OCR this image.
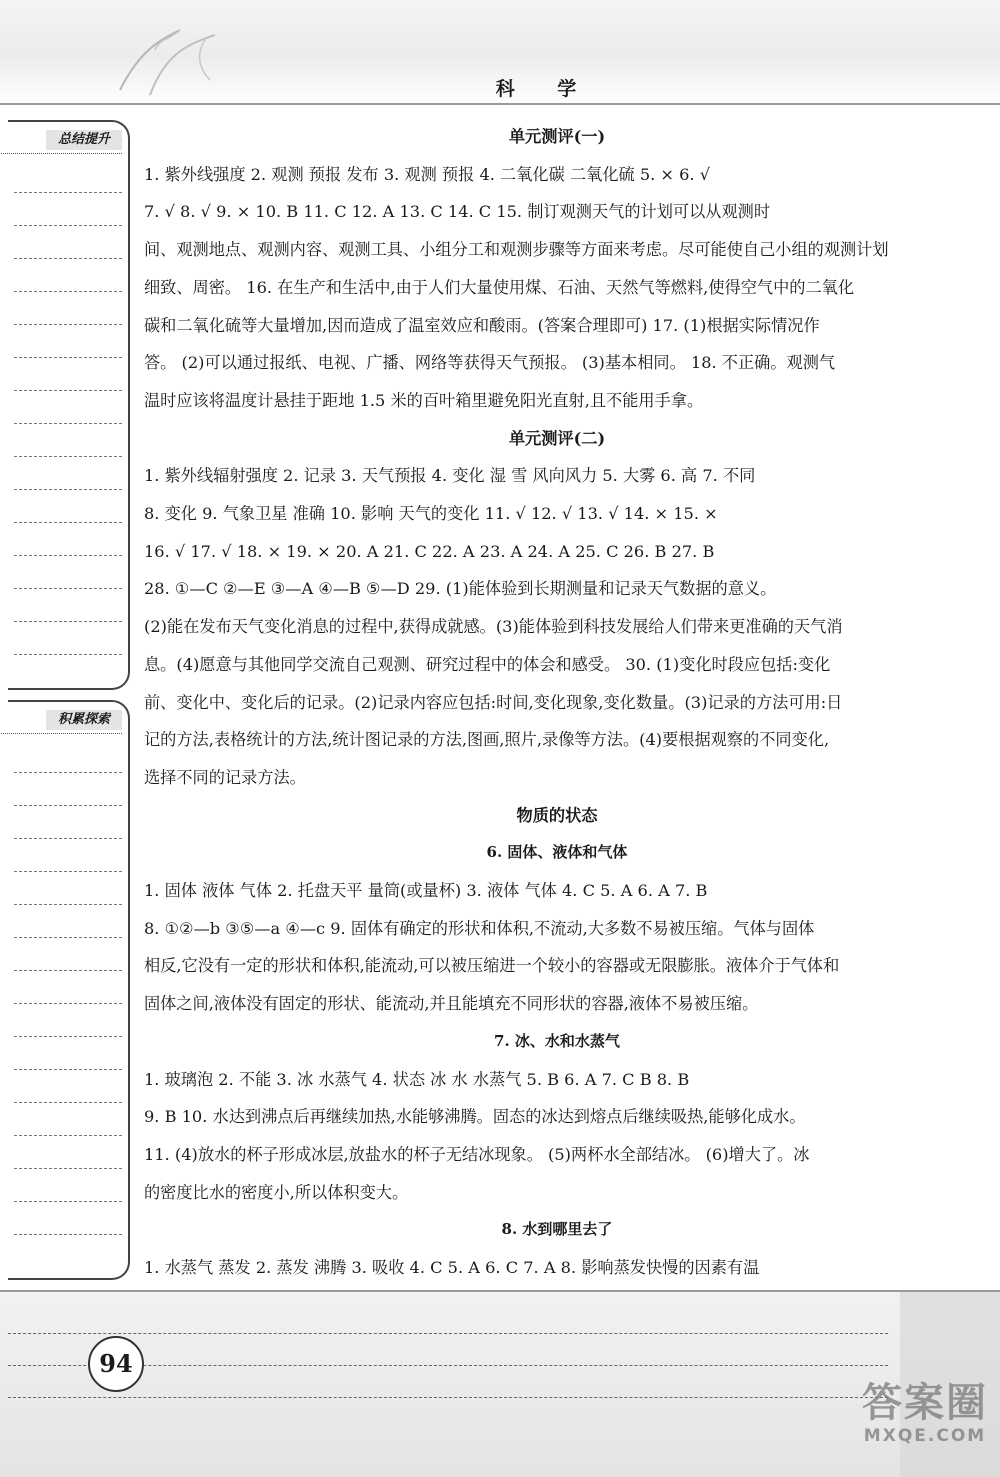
科 学
总结提升
积累探索

单元测评(一)

1. 紫外线强度 2. 观测 预报 发布 3. 观测 预报 4. 二氧化碳 二氧化硫 5. × 6. √

7. √ 8. √ 9. × 10. B 11. C 12. A 13. C 14. C 15. 制订观测天气的计划可以从观测时

间、观测地点、观测内容、观测工具、小组分工和观测步骤等方面来考虑。尽可能使自己小组的观测计划

细致、周密。 16. 在生产和生活中,由于人们大量使用煤、石油、天然气等燃料,使得空气中的二氧化

碳和二氧化硫等大量增加,因而造成了温室效应和酸雨。(答案合理即可) 17. (1)根据实际情况作

答。 (2)可以通过报纸、电视、广播、网络等获得天气预报。 (3)基本相同。 18. 不正确。观测气

温时应该将温度计悬挂于距地 1.5 米的百叶箱里避免阳光直射,且不能用手拿。

单元测评(二)

1. 紫外线辐射强度 2. 记录 3. 天气预报 4. 变化 湿 雪 风向风力 5. 大雾 6. 高 7. 不同

8. 变化 9. 气象卫星 准确 10. 影响 天气的变化 11. √ 12. √ 13. √ 14. × 15. ×

16. √ 17. √ 18. × 19. × 20. A 21. C 22. A 23. A 24. A 25. C 26. B 27. B

28. ①—C ②—E ③—A ④—B ⑤—D 29. (1)能体验到长期测量和记录天气数据的意义。

(2)能在发布天气变化消息的过程中,获得成就感。(3)能体验到科技发展给人们带来更准确的天气消

息。(4)愿意与其他同学交流自己观测、研究过程中的体会和感受。 30. (1)变化时段应包括:变化

前、变化中、变化后的记录。(2)记录内容应包括:时间,变化现象,变化数量。(3)记录的方法可用:日

记的方法,表格统计的方法,统计图记录的方法,图画,照片,录像等方法。(4)要根据观察的不同变化,

选择不同的记录方法。

物质的状态

6. 固体、液体和气体

1. 固体 液体 气体 2. 托盘天平 量筒(或量杯) 3. 液体 气体 4. C 5. A 6. A 7. B

8. ①②—b ③⑤—a ④—c 9. 固体有确定的形状和体积,不流动,大多数不易被压缩。气体与固体

相反,它没有一定的形状和体积,能流动,可以被压缩进一个较小的容器或无限膨胀。液体介于气体和

固体之间,液体没有固定的形状、能流动,并且能填充不同形状的容器,液体不易被压缩。

7. 冰、水和水蒸气

1. 玻璃泡 2. 不能 3. 冰 水蒸气 4. 状态 冰 水 水蒸气 5. B 6. A 7. C B 8. B

9. B 10. 水达到沸点后再继续加热,水能够沸腾。固态的冰达到熔点后继续吸热,能够化成水。

11. (4)放水的杯子形成冰层,放盐水的杯子无结冰现象。 (5)两杯水全部结冰。 (6)增大了。冰

的密度比水的密度小,所以体积变大。

8. 水到哪里去了

1. 水蒸气 蒸发 2. 蒸发 沸腾 3. 吸收 4. C 5. A 6. C 7. A 8. 影响蒸发快慢的因素有温

94
答案圈
MXQE.COM
